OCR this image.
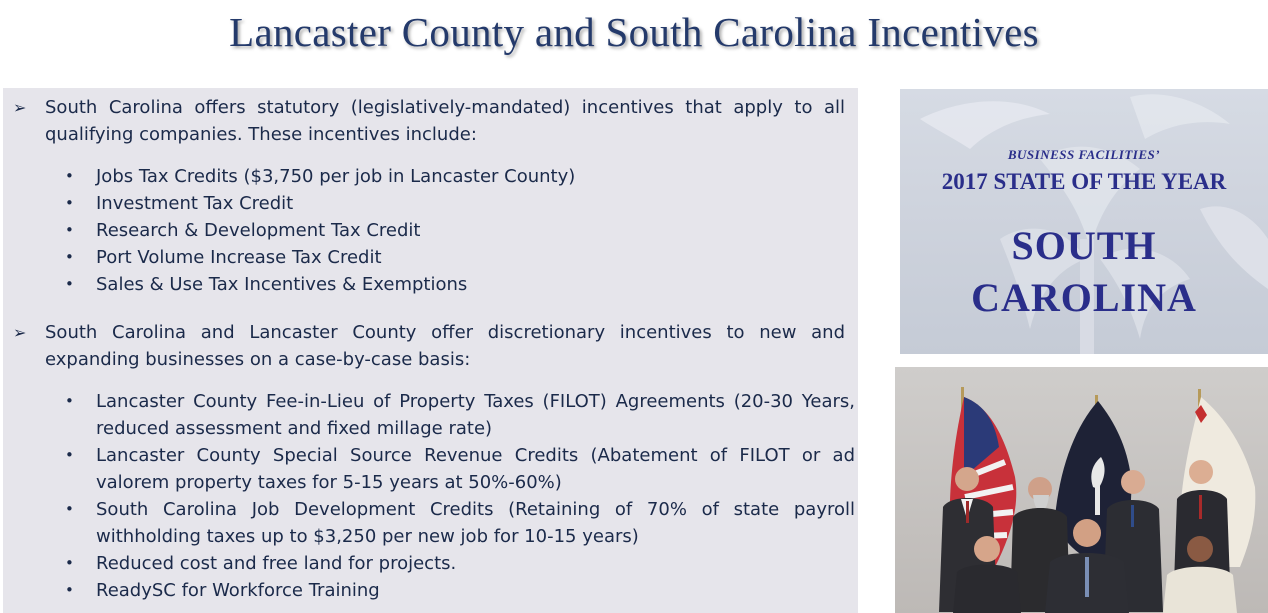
Lancaster County and South Carolina Incentives
➢	South Carolina offers statutory (legislatively-mandated) incentives that apply to all qualifying companies. These incentives include:
• Jobs Tax Credits ($3,750 per job in Lancaster County)
• Investment Tax Credit
• Research & Development Tax Credit
• Port Volume Increase Tax Credit
• Sales & Use Tax Incentives & Exemptions
➢	South Carolina and Lancaster County offer discretionary incentives to new and expanding businesses on a case-by-case basis:
• Lancaster County Fee-in-Lieu of Property Taxes (FILOT) Agreements (20-30 Years, reduced assessment and fixed millage rate)
• Lancaster County Special Source Revenue Credits (Abatement of FILOT or ad valorem property taxes for 5-15 years at 50%-60%)
• South Carolina Job Development Credits (Retaining of 70% of state payroll withholding taxes up to $3,250 per new job for 10-15 years)
• Reduced cost and free land for projects.
• ReadySC for Workforce Training
BUSINESS FACILITIES’
2017 STATE OF THE YEAR
SOUTH
CAROLINA
